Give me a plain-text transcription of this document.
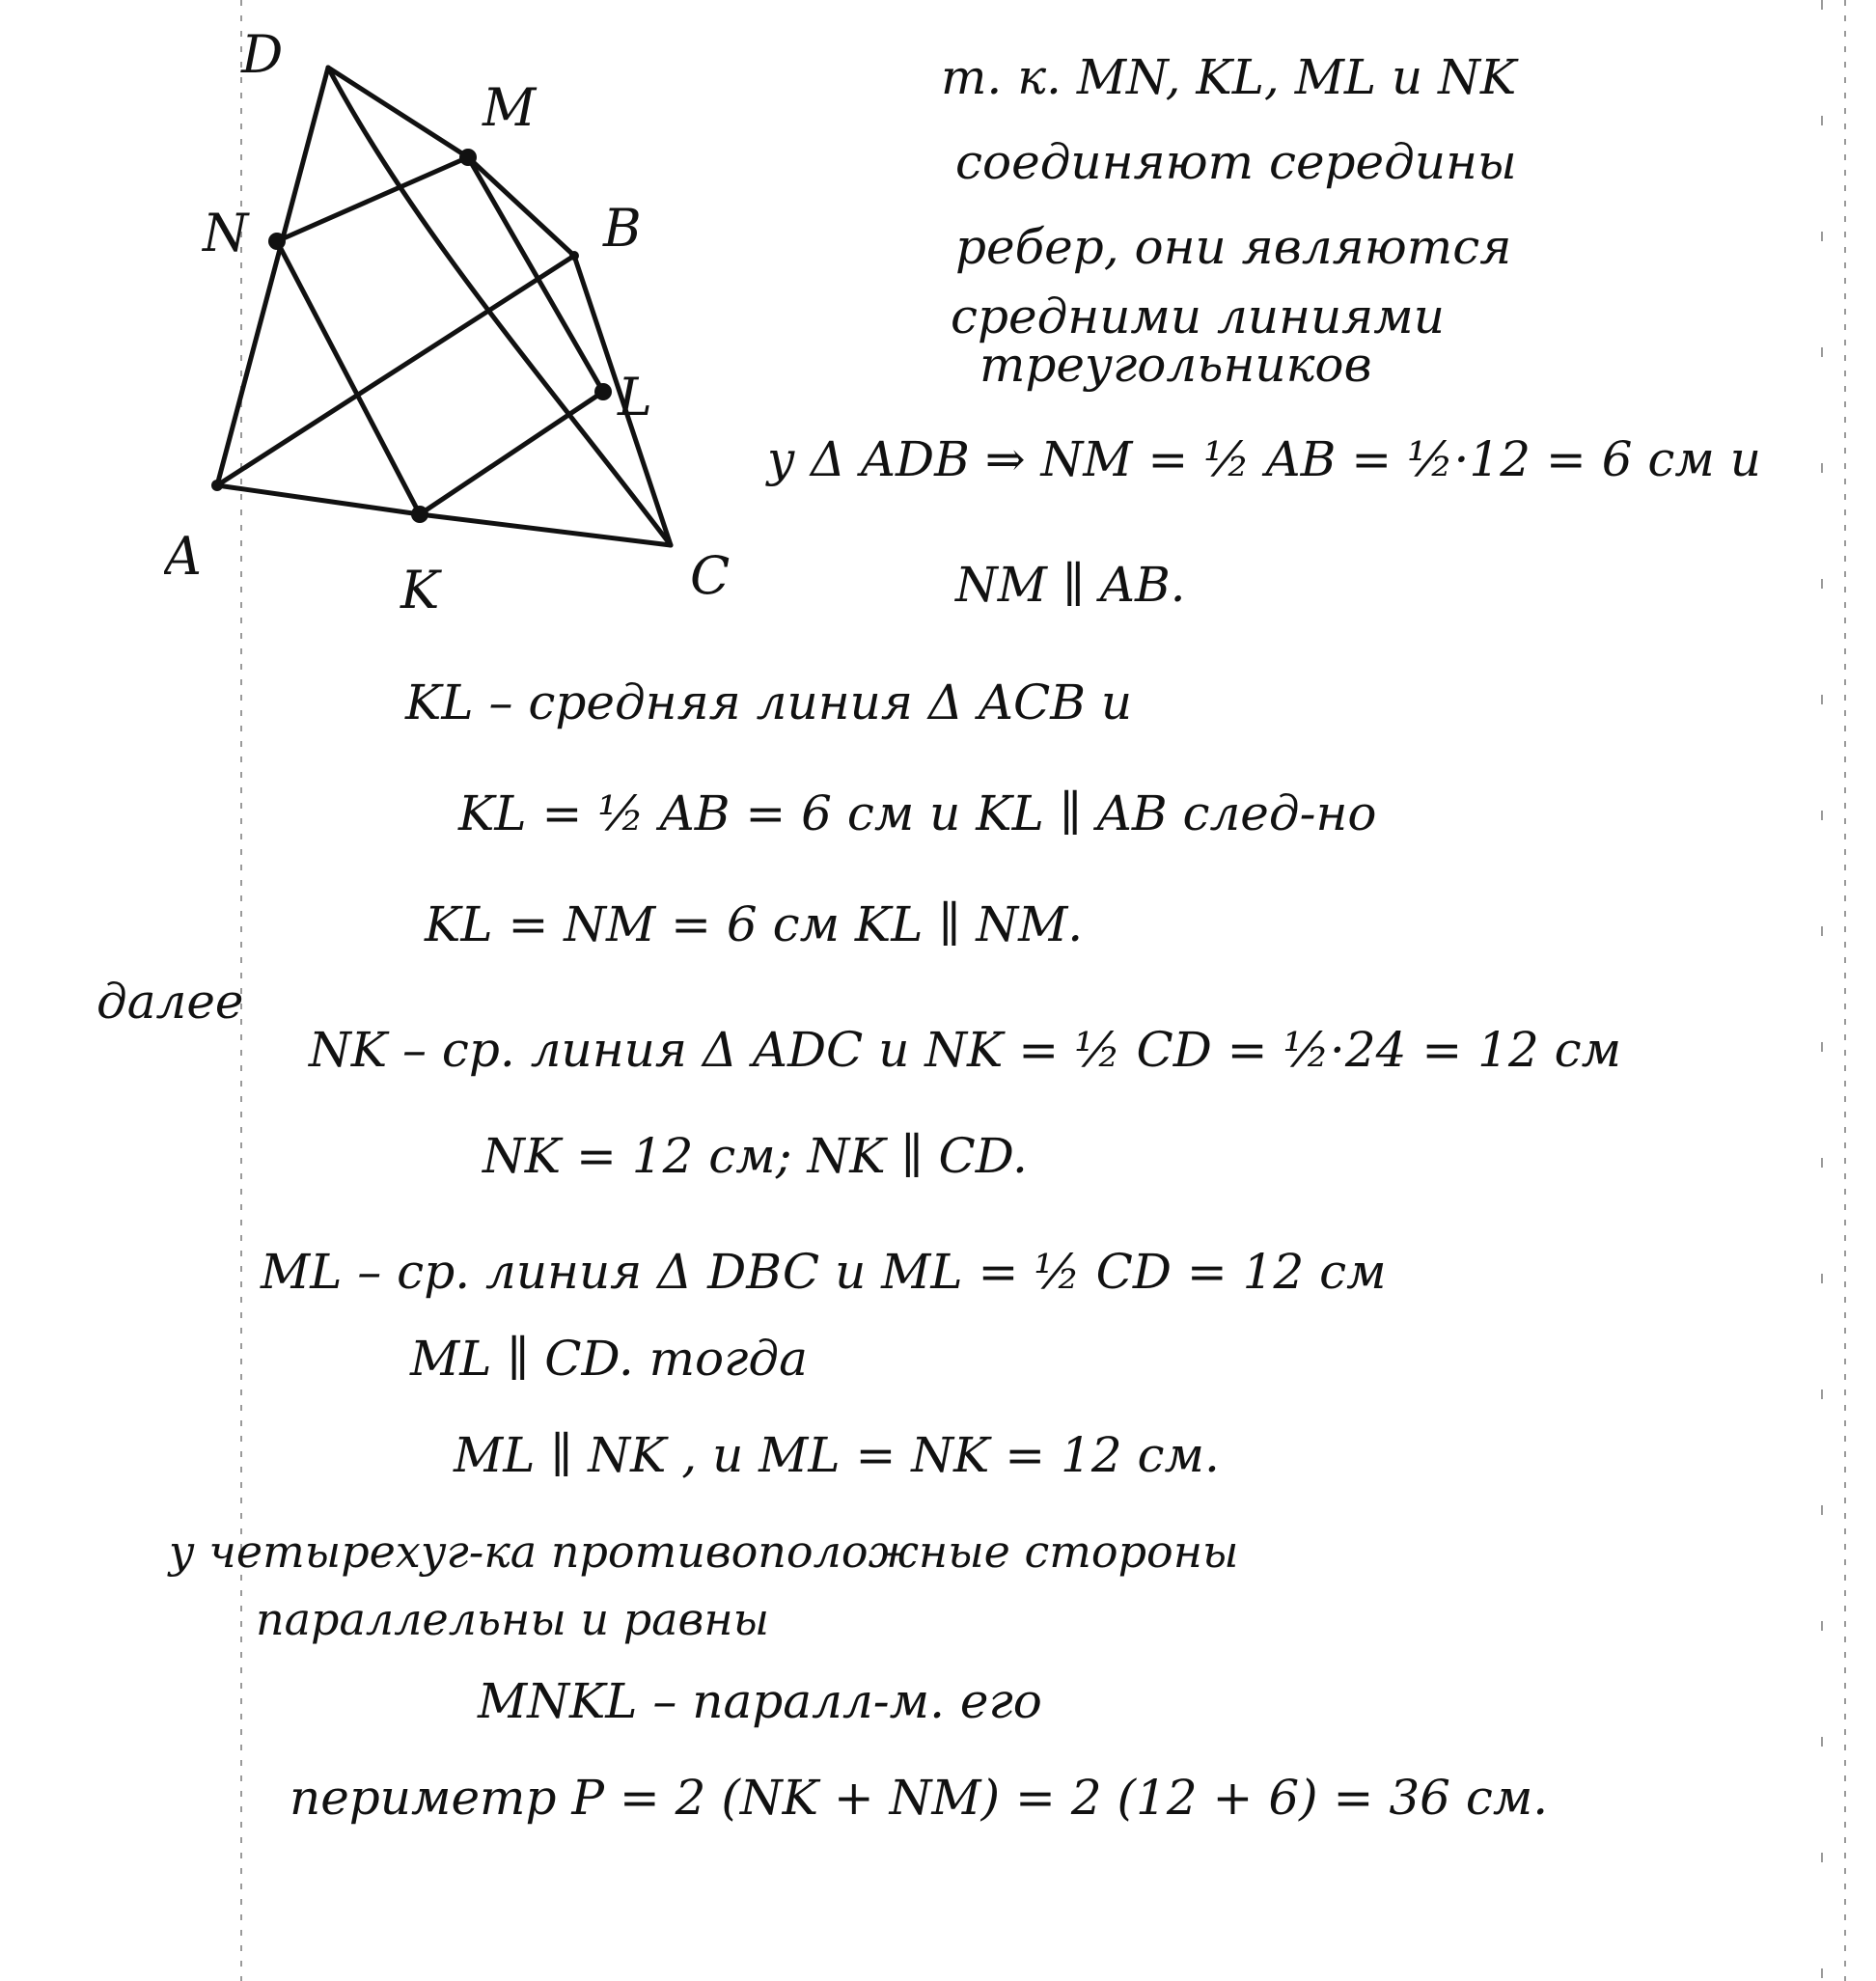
D
M
N	B
L
A
K	C
т. к. MN, KL, ML и NK
соединяют середины
ребер, они являются
средними линиями
треугольников
у Δ ADB ⇒ NM = ½ AB = ½·12 = 6 см и
NM ∥ AB.
KL – средняя линия Δ ACB и
KL = ½ AB = 6 см и KL ∥ AB след-но
KL = NM = 6 см KL ∥ NM.
далее
NK – ср. линия Δ ADC и NK = ½ CD = ½·24 = 12 см
NK = 12 см; NK ∥ CD.
ML – ср. линия Δ DBC и ML = ½ CD = 12 см
ML ∥ CD. тогда
ML ∥ NK , и ML = NK = 12 см.
у четырехуг-ка противоположные стороны
параллельны и равны
MNKL – паралл-м. его
периметр P = 2 (NK + NM) = 2 (12 + 6) = 36 см.
